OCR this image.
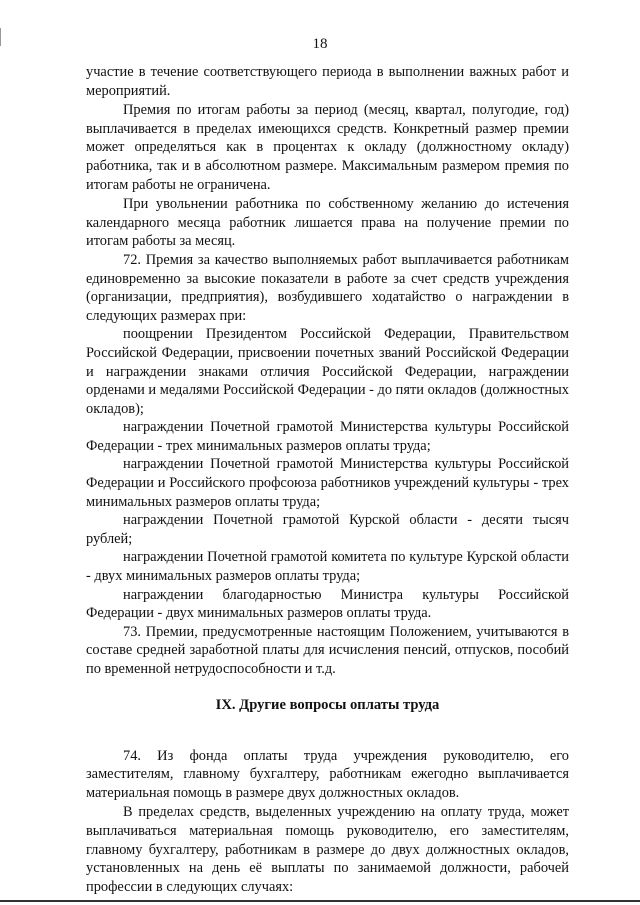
18

участие в течение соответствующего периода в выполнении важных работ и мероприятий.

Премия по итогам работы за период (месяц, квартал, полугодие, год) выплачивается в пределах имеющихся средств. Конкретный размер премии может определяться как в процентах к окладу (должностному окладу) работника, так и в абсолютном размере. Максимальным размером премия по итогам работы не ограничена.

При увольнении работника по собственному желанию до истечения календарного месяца работник лишается права на получение премии по итогам работы за месяц.

72. Премия за качество выполняемых работ выплачивается работникам единовременно за высокие показатели в работе за счет средств учреждения (организации, предприятия), возбудившего ходатайство о награждении в следующих размерах при:

поощрении Президентом Российской Федерации, Правительством Российской Федерации, присвоении почетных званий Российской Федерации и награждении знаками отличия Российской Федерации, награждении орденами и медалями Российской Федерации - до пяти окладов (должностных окладов);

награждении Почетной грамотой Министерства культуры Российской Федерации - трех минимальных размеров оплаты труда;

награждении Почетной грамотой Министерства культуры Российской Федерации и Российского профсоюза работников учреждений культуры - трех минимальных размеров оплаты труда;

награждении Почетной грамотой Курской области - десяти тысяч рублей;

награждении Почетной грамотой комитета по культуре Курской области - двух минимальных размеров оплаты труда;

награждении благодарностью Министра культуры Российской Федерации - двух минимальных размеров оплаты труда.

73. Премии, предусмотренные настоящим Положением, учитываются в составе средней заработной платы для исчисления пенсий, отпусков, пособий по временной нетрудоспособности и т.д.

IX. Другие вопросы оплаты труда

74. Из фонда оплаты труда учреждения руководителю, его заместителям, главному бухгалтеру, работникам ежегодно выплачивается материальная помощь в размере двух должностных окладов.

В пределах средств, выделенных учреждению на оплату труда, может выплачиваться материальная помощь руководителю, его заместителям, главному бухгалтеру, работникам в размере до двух должностных окладов, установленных на день её выплаты по занимаемой должности, рабочей профессии в следующих случаях:
